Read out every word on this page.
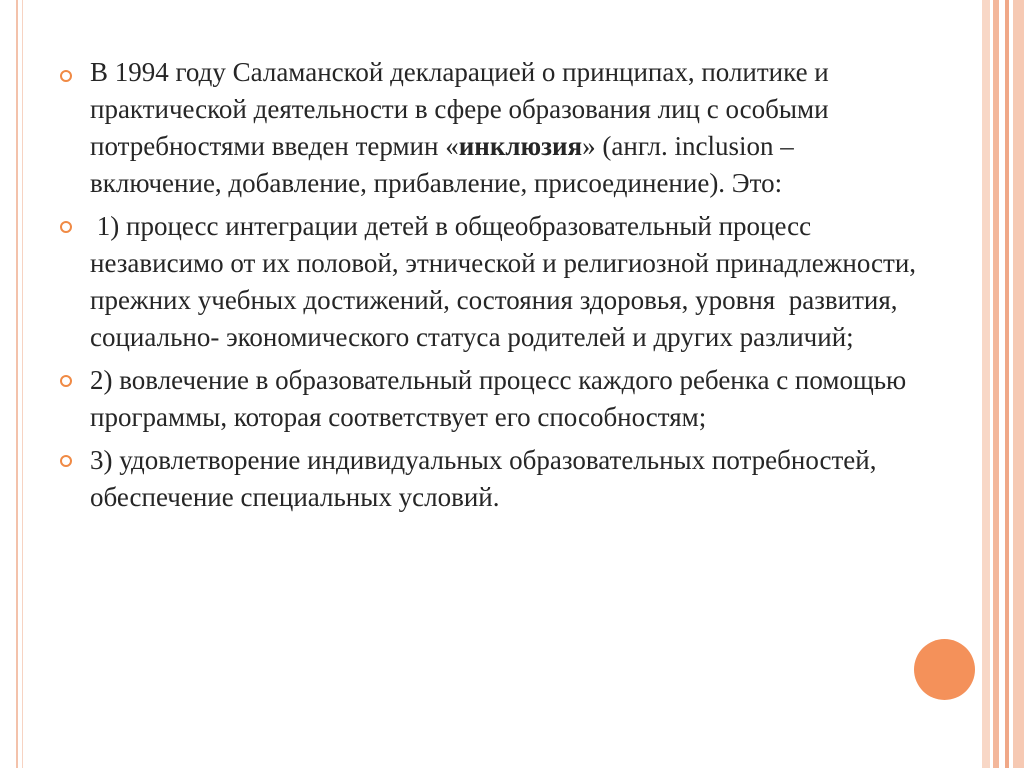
В 1994 году Саламанской декларацией о принципах, политике и практической деятельности в сфере образования лиц с особыми потребностями введен термин «инклюзия» (англ. inclusion – включение, добавление, прибавление, присоединение). Это:
1) процесс интеграции детей в общеобразовательный процесс независимо от их половой, этнической и религиозной принадлежности, прежних учебных достижений, состояния здоровья, уровня  развития, социально- экономического статуса родителей и других различий;
2) вовлечение в образовательный процесс каждого ребенка с помощью программы, которая соответствует его способностям;
3) удовлетворение индивидуальных образовательных потребностей, обеспечение специальных условий.
